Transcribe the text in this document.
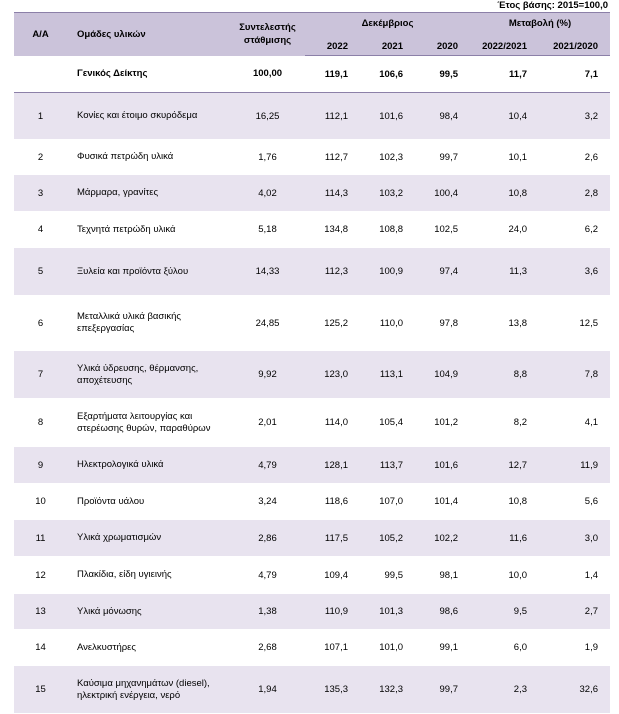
Έτος βάσης: 2015=100,0
Α/Α	Ομάδες υλικών	Συντελεστής στάθμισης	Δεκέμβριος			Μεταβολή (%)	
			2022	2021	2020	2022/2021	2021/2020
	Γενικός Δείκτης	100,00	119,1	106,6	99,5	11,7	7,1
1	Κονίες και έτοιμο σκυρόδεμα	16,25	112,1	101,6	98,4	10,4	3,2
2	Φυσικά πετρώδη υλικά	1,76	112,7	102,3	99,7	10,1	2,6
3	Μάρμαρα, γρανίτες	4,02	114,3	103,2	100,4	10,8	2,8
4	Τεχνητά πετρώδη υλικά	5,18	134,8	108,8	102,5	24,0	6,2
5	Ξυλεία και προϊόντα ξύλου	14,33	112,3	100,9	97,4	11,3	3,6
6	Μεταλλικά υλικά βασικής επεξεργασίας	24,85	125,2	110,0	97,8	13,8	12,5
7	Υλικά ύδρευσης, θέρμανσης, αποχέτευσης	9,92	123,0	113,1	104,9	8,8	7,8
8	Εξαρτήματα λειτουργίας και στερέωσης θυρών, παραθύρων	2,01	114,0	105,4	101,2	8,2	4,1
9	Ηλεκτρολογικά υλικά	4,79	128,1	113,7	101,6	12,7	11,9
10	Προϊόντα υάλου	3,24	118,6	107,0	101,4	10,8	5,6
11	Υλικά χρωματισμών	2,86	117,5	105,2	102,2	11,6	3,0
12	Πλακίδια, είδη υγιεινής	4,79	109,4	99,5	98,1	10,0	1,4
13	Υλικά μόνωσης	1,38	110,9	101,3	98,6	9,5	2,7
14	Ανελκυστήρες	2,68	107,1	101,0	99,1	6,0	1,9
15	Καύσιμα μηχανημάτων (diesel), ηλεκτρική ενέργεια, νερό	1,94	135,3	132,3	99,7	2,3	32,6
